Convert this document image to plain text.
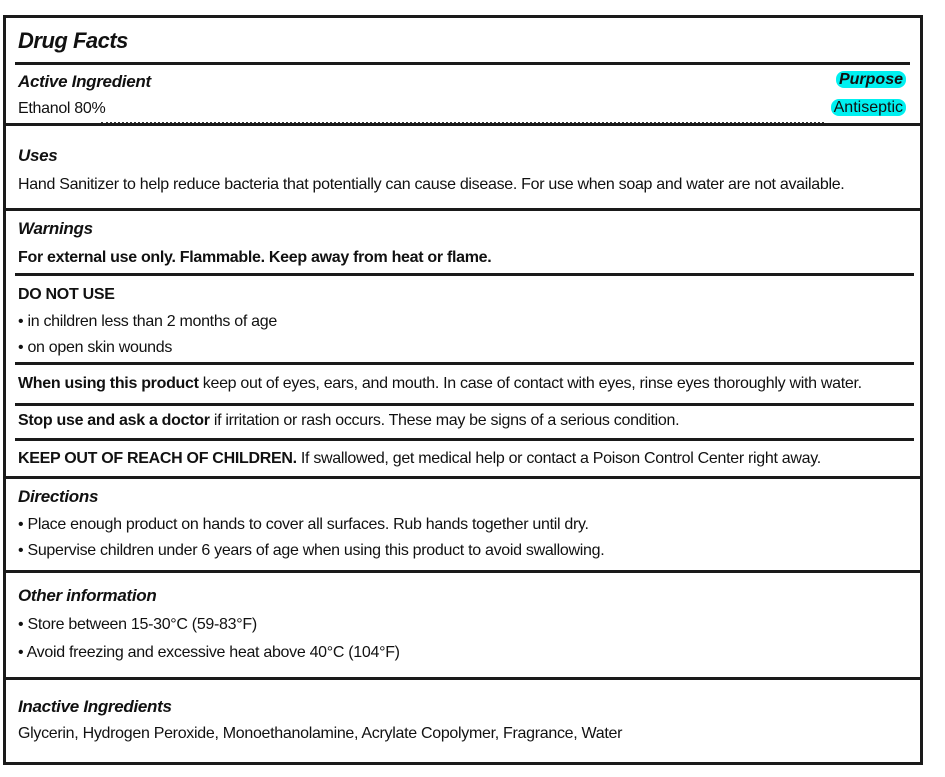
Drug Facts
Active Ingredient	Purpose
Ethanol 80%	Antiseptic
Uses
Hand Sanitizer to help reduce bacteria that potentially can cause disease. For use when soap and water are not available.
Warnings
For external use only. Flammable. Keep away from heat or flame.
DO NOT USE
• in children less than 2 months of age
• on open skin wounds
When using this product keep out of eyes, ears, and mouth. In case of contact with eyes, rinse eyes thoroughly with water.
Stop use and ask a doctor if irritation or rash occurs. These may be signs of a serious condition.
KEEP OUT OF REACH OF CHILDREN. If swallowed, get medical help or contact a Poison Control Center right away.
Directions
• Place enough product on hands to cover all surfaces. Rub hands together until dry.
• Supervise children under 6 years of age when using this product to avoid swallowing.
Other information
• Store between 15-30°C (59-83°F)
• Avoid freezing and excessive heat above 40°C (104°F)
Inactive Ingredients
Glycerin, Hydrogen Peroxide, Monoethanolamine, Acrylate Copolymer, Fragrance, Water
